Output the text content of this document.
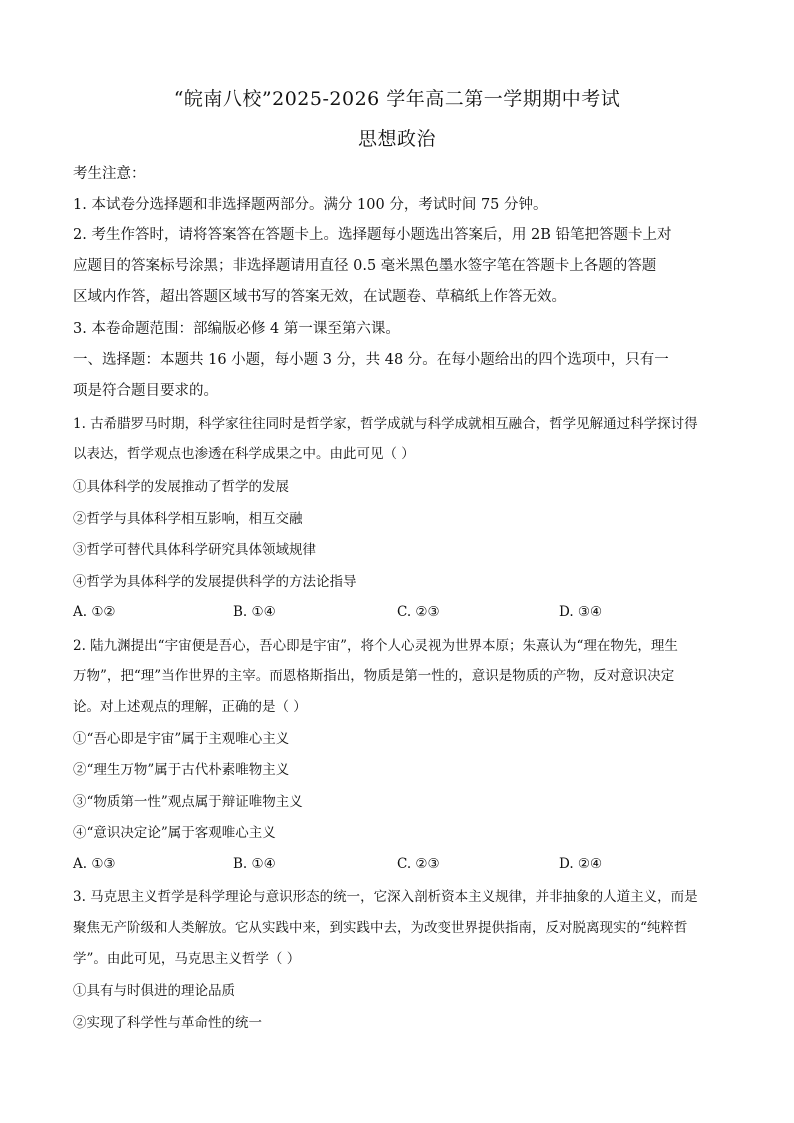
“皖南八校”2025-2026 学年高二第一学期期中考试
思想政治
考生注意：
1. 本试卷分选择题和非选择题两部分。满分 100 分，考试时间 75 分钟。
2. 考生作答时，请将答案答在答题卡上。选择题每小题选出答案后，用 2B 铅笔把答题卡上对
应题目的答案标号涂黑；非选择题请用直径 0.5 毫米黑色墨水签字笔在答题卡上各题的答题
区域内作答，超出答题区域书写的答案无效，在试题卷、草稿纸上作答无效。
3. 本卷命题范围：部编版必修 4 第一课至第六课。
一、选择题：本题共 16 小题，每小题 3 分，共 48 分。在每小题给出的四个选项中，只有一
项是符合题目要求的。
1. 古希腊罗马时期，科学家往往同时是哲学家，哲学成就与科学成就相互融合，哲学见解通过科学探讨得
以表达，哲学观点也渗透在科学成果之中。由此可见（ ）
①具体科学的发展推动了哲学的发展
②哲学与具体科学相互影响，相互交融
③哲学可替代具体科学研究具体领域规律
④哲学为具体科学的发展提供科学的方法论指导
A. ①②	B. ①④	C. ②③	D. ③④
2. 陆九渊提出“宇宙便是吾心，吾心即是宇宙”，将个人心灵视为世界本原；朱熹认为“理在物先，理生
万物”，把“理”当作世界的主宰。而恩格斯指出，物质是第一性的，意识是物质的产物，反对意识决定
论。对上述观点的理解，正确的是（ ）
①“吾心即是宇宙”属于主观唯心主义
②“理生万物”属于古代朴素唯物主义
③“物质第一性”观点属于辩证唯物主义
④“意识决定论”属于客观唯心主义
A. ①③	B. ①④	C. ②③	D. ②④
3. 马克思主义哲学是科学理论与意识形态的统一，它深入剖析资本主义规律，并非抽象的人道主义，而是
聚焦无产阶级和人类解放。它从实践中来，到实践中去，为改变世界提供指南，反对脱离现实的“纯粹哲
学”。由此可见，马克思主义哲学（ ）
①具有与时俱进的理论品质
②实现了科学性与革命性的统一
